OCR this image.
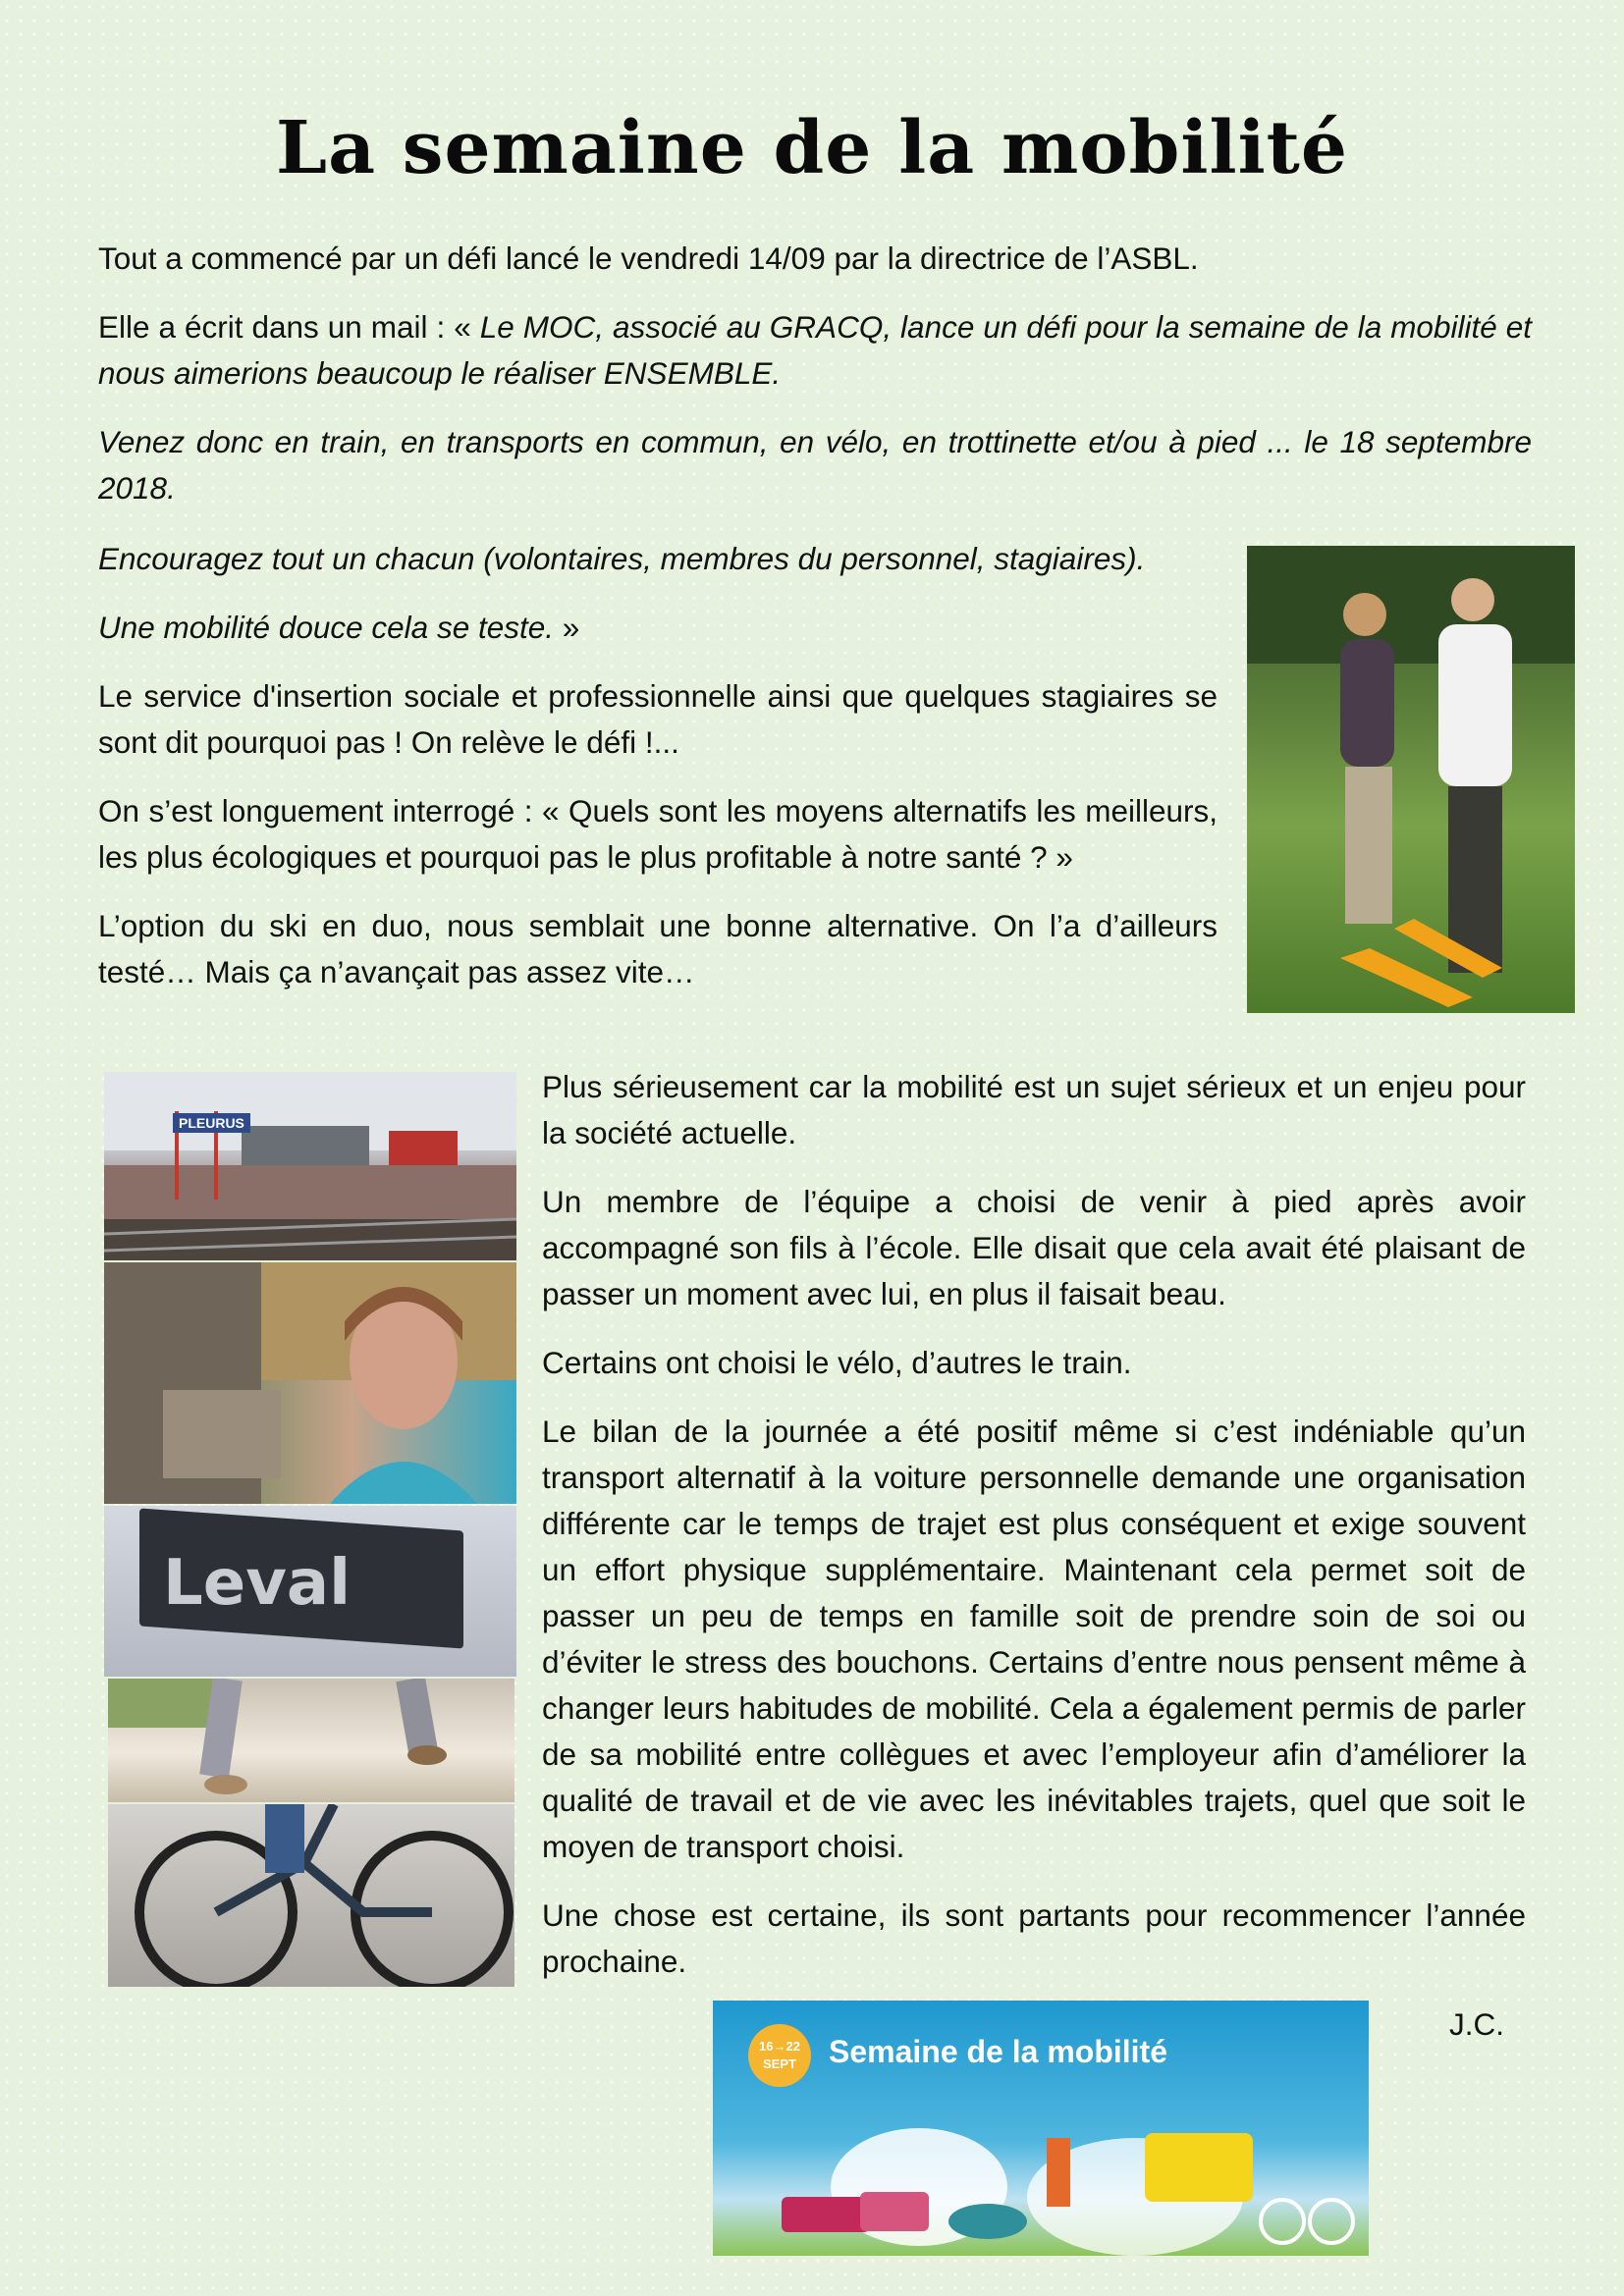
La semaine de la mobilité

Tout a commencé par un défi lancé le vendredi 14/09 par la directrice de l’ASBL.

Elle a écrit dans un mail : « Le MOC, associé au GRACQ, lance un défi pour la semaine de la mobilité et nous aimerions beaucoup le réaliser ENSEMBLE.

Venez donc en train, en transports en commun, en vélo, en trottinette et/ou à pied ... le 18 septembre 2018.

Encouragez tout un chacun (volontaires, membres du personnel, stagiaires).

Une mobilité douce cela se teste. »

Le service d'insertion sociale et professionnelle ainsi que quelques stagiaires se sont dit pourquoi pas ! On relève le défi !...

On s’est longuement interrogé : « Quels sont les moyens alternatifs les meilleurs, les plus écologiques et pourquoi pas le plus profitable à notre santé ? »

L’option du ski en duo, nous semblait une bonne alternative. On l’a d’ailleurs testé… Mais ça n’avançait pas assez vite…

Plus sérieusement car la mobilité est un sujet sérieux et un enjeu pour la société actuelle.

Un membre de l’équipe a choisi de venir à pied après avoir accompagné son fils à l’école. Elle disait que cela avait été plaisant de passer un moment avec lui, en plus il faisait beau.

Certains ont choisi le vélo, d’autres le train.

Le bilan de la journée a été positif même si c’est indéniable qu’un transport alternatif à la voiture personnelle demande une organisation différente car le temps de trajet est plus conséquent et exige souvent un effort physique supplémentaire. Maintenant cela permet soit de passer un peu de temps en famille soit de prendre soin de soi ou d’éviter le stress des bouchons. Certains d’entre nous pensent même à changer leurs habitudes de mobilité. Cela a également permis de parler de sa mobilité entre collègues et avec l’employeur afin d’améliorer la qualité de travail et de vie avec les inévitables trajets, quel que soit le moyen de transport choisi.

Une chose est certaine, ils sont partants pour recommencer l’année prochaine.

J.C.
PLEURUS
Leval
16→22 SEPT	Semaine de la mobilité
